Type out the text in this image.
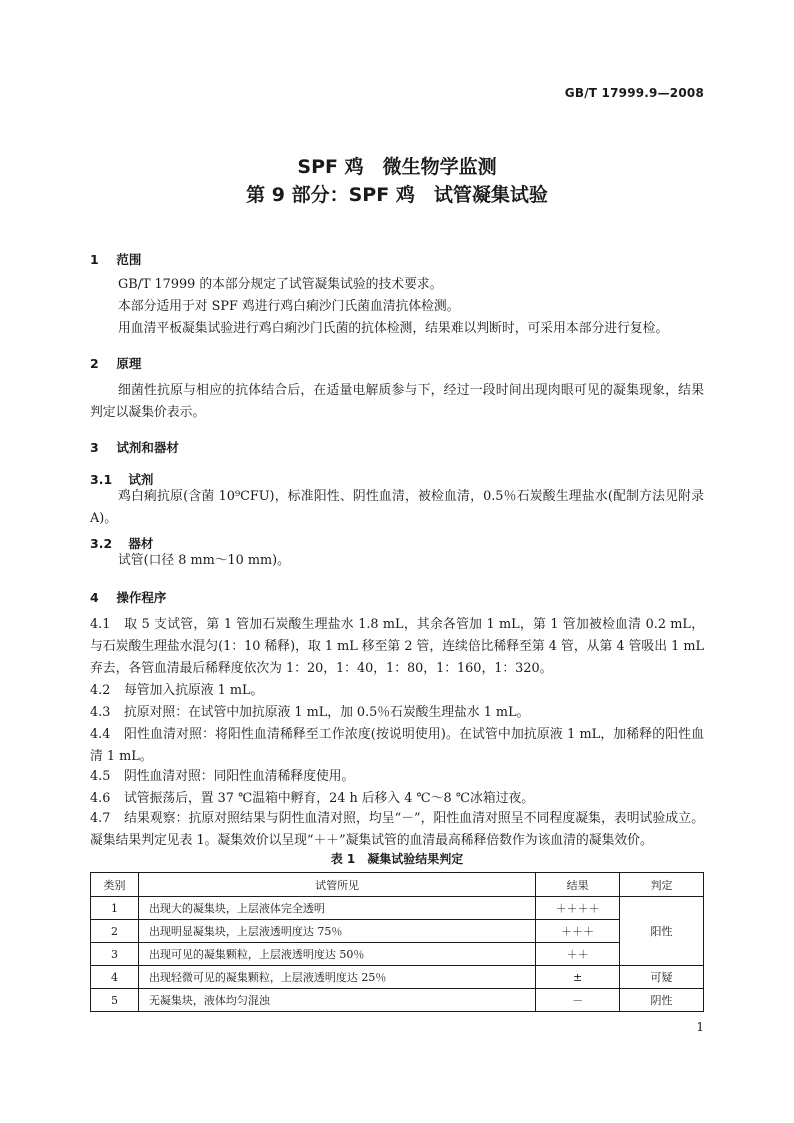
GB/T 17999.9—2008
SPF 鸡　微生物学监测
第 9 部分：SPF 鸡　试管凝集试验
1 范围
GB/T 17999 的本部分规定了试管凝集试验的技术要求。
本部分适用于对 SPF 鸡进行鸡白痢沙门氏菌血清抗体检测。
用血清平板凝集试验进行鸡白痢沙门氏菌的抗体检测，结果难以判断时，可采用本部分进行复检。
2 原理
细菌性抗原与相应的抗体结合后，在适量电解质参与下，经过一段时间出现肉眼可见的凝集现象，结果判定以凝集价表示。
3 试剂和器材
3.1 试剂
鸡白痢抗原(含菌 10⁹CFU)，标准阳性、阴性血清，被检血清，0.5％石炭酸生理盐水(配制方法见附录 A)。
3.2 器材
试管(口径 8 mm～10 mm)。
4 操作程序
4.1 取 5 支试管，第 1 管加石炭酸生理盐水 1.8 mL，其余各管加 1 mL，第 1 管加被检血清 0.2 mL，与石炭酸生理盐水混匀(1：10 稀释)，取 1 mL 移至第 2 管，连续倍比稀释至第 4 管，从第 4 管吸出 1 mL 弃去，各管血清最后稀释度依次为 1：20，1：40，1：80，1：160，1：320。
4.2 每管加入抗原液 1 mL。
4.3 抗原对照：在试管中加抗原液 1 mL，加 0.5％石炭酸生理盐水 1 mL。
4.4 阳性血清对照：将阳性血清稀释至工作浓度(按说明使用)。在试管中加抗原液 1 mL，加稀释的阳性血清 1 mL。
4.5 阴性血清对照：同阳性血清稀释度使用。
4.6 试管振荡后，置 37 ℃温箱中孵育，24 h 后移入 4 ℃～8 ℃冰箱过夜。
4.7 结果观察：抗原对照结果与阴性血清对照，均呈“－”，阳性血清对照呈不同程度凝集，表明试验成立。凝集结果判定见表 1。凝集效价以呈现“＋＋”凝集试管的血清最高稀释倍数作为该血清的凝集效价。
表 1　凝集试验结果判定
类别	试管所见	结果	判定
1	出现大的凝集块，上层液体完全透明	＋＋＋＋	阳性
2	出现明显凝集块，上层液透明度达 75％	＋＋＋	
3	出现可见的凝集颗粒，上层液透明度达 50％	＋＋	
4	出现轻微可见的凝集颗粒，上层液透明度达 25％	±	可疑
5	无凝集块，液体均匀混浊	－	阴性
1
